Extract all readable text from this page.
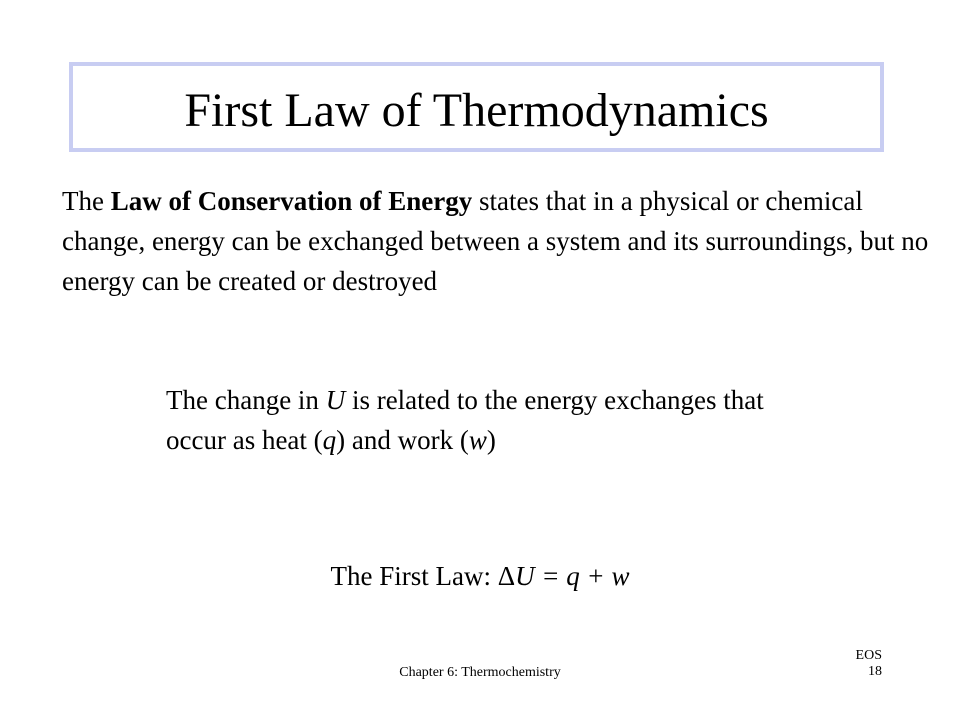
First Law of Thermodynamics

The Law of Conservation of Energy states that in a physical or chemical change, energy can be exchanged between a system and its surroundings, but no energy can be created or destroyed

The change in U is related to the energy exchanges that occur as heat (q) and work (w)

The First Law: ΔU = q + w
Chapter 6: Thermochemistry
EOS
18
